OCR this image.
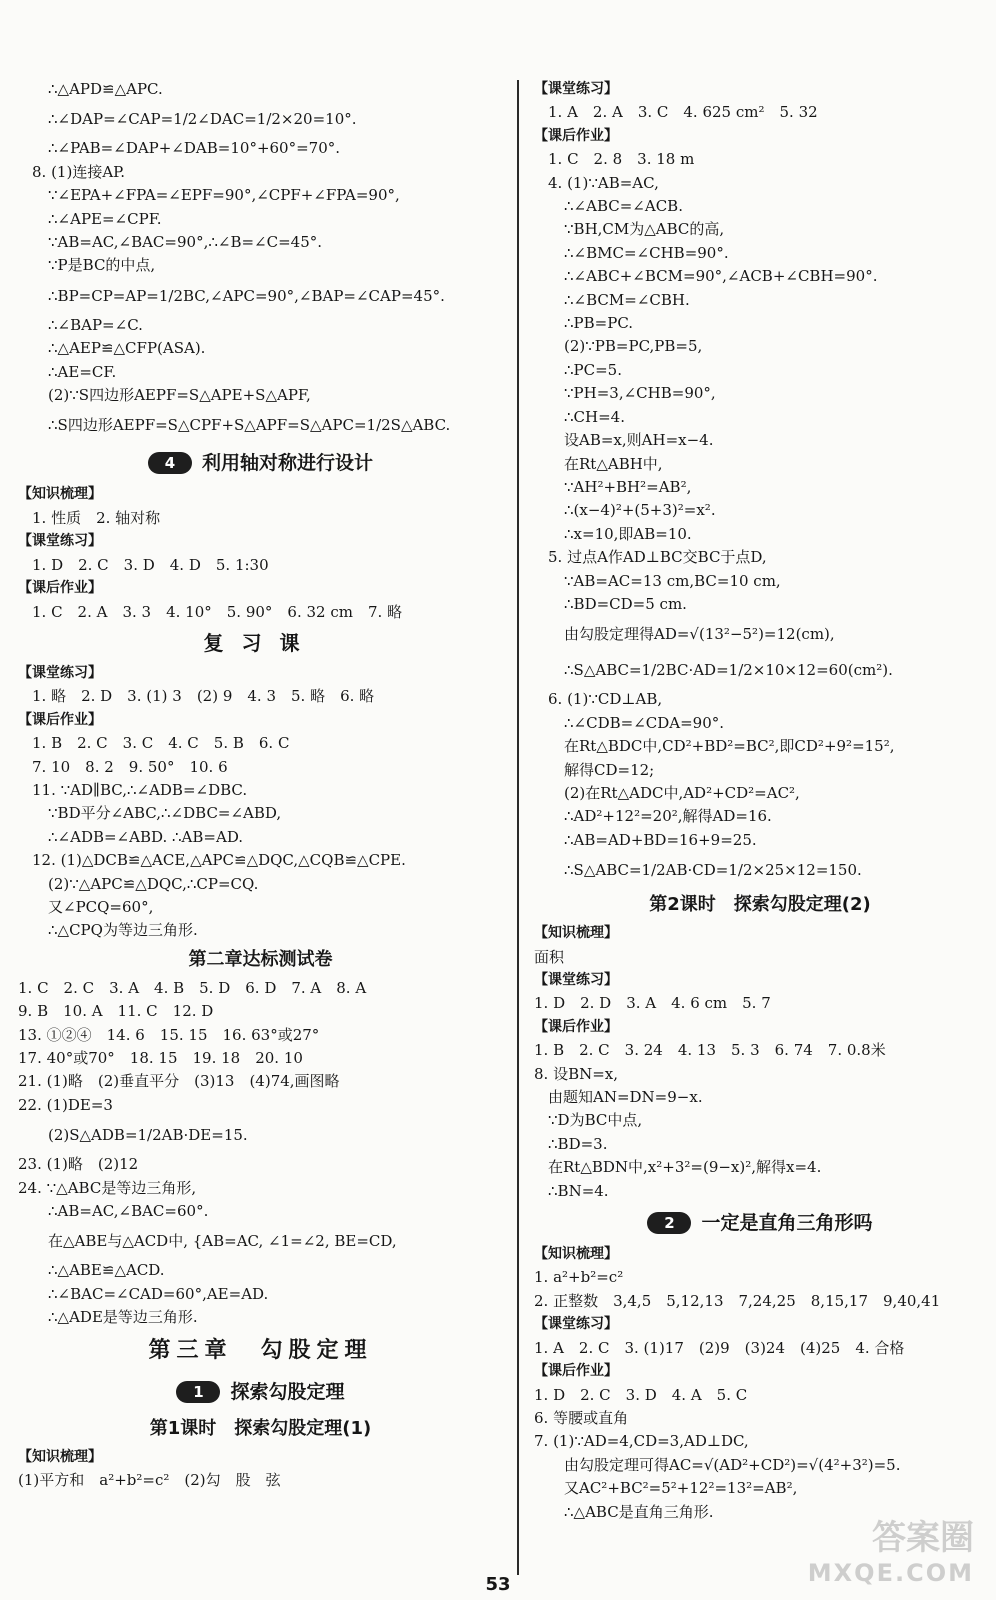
∴△APD≌△APC.
∴∠DAP=∠CAP=1/2∠DAC=1/2×20=10°.
∴∠PAB=∠DAP+∠DAB=10°+60°=70°.
8. (1)连接AP.
∵∠EPA+∠FPA=∠EPF=90°,∠CPF+∠FPA=90°,
∴∠APE=∠CPF.
∵AB=AC,∠BAC=90°,∴∠B=∠C=45°.
∵P是BC的中点,
∴BP=CP=AP=1/2BC,∠APC=90°,∠BAP=∠CAP=45°.
∴∠BAP=∠C.
∴△AEP≌△CFP(ASA).
∴AE=CF.
(2)∵S四边形AEPF=S△APE+S△APF,
∴S四边形AEPF=S△CPF+S△APF=S△APC=1/2S△ABC.
4	利用轴对称进行设计
【知识梳理】
1. 性质　2. 轴对称
【课堂练习】
1. D　2. C　3. D　4. D　5. 1:30
【课后作业】
1. C　2. A　3. 3　4. 10°　5. 90°　6. 32 cm　7. 略
复习课
【课堂练习】
1. 略　2. D　3. (1) 3　(2) 9　4. 3　5. 略　6. 略
【课后作业】
1. B　2. C　3. C　4. C　5. B　6. C
7. 10　8. 2　9. 50°　10. 6
11. ∵AD∥BC,∴∠ADB=∠DBC.
∵BD平分∠ABC,∴∠DBC=∠ABD,
∴∠ADB=∠ABD. ∴AB=AD.
12. (1)△DCB≌△ACE,△APC≌△DQC,△CQB≌△CPE.
(2)∵△APC≌△DQC,∴CP=CQ.
又∠PCQ=60°,
∴△CPQ为等边三角形.
第二章达标测试卷
1. C　2. C　3. A　4. B　5. D　6. D　7. A　8. A
9. B　10. A　11. C　12. D
13. ①②④　14. 6　15. 15　16. 63°或27°
17. 40°或70°　18. 15　19. 18　20. 10
21. (1)略　(2)垂直平分　(3)13　(4)74,画图略
22. (1)DE=3
(2)S△ADB=1/2AB·DE=15.
23. (1)略　(2)12
24. ∵△ABC是等边三角形,
∴AB=AC,∠BAC=60°.
在△ABE与△ACD中, {AB=AC, ∠1=∠2, BE=CD,
∴△ABE≌△ACD.
∴∠BAC=∠CAD=60°,AE=AD.
∴△ADE是等边三角形.
第三章　勾股定理
1	探索勾股定理
第1课时　探索勾股定理(1)
【知识梳理】
(1)平方和　a²+b²=c²　(2)勾　股　弦
【课堂练习】
1. A　2. A　3. C　4. 625 cm²　5. 32
【课后作业】
1. C　2. 8　3. 18 m
4. (1)∵AB=AC,
∴∠ABC=∠ACB.
∵BH,CM为△ABC的高,
∴∠BMC=∠CHB=90°.
∴∠ABC+∠BCM=90°,∠ACB+∠CBH=90°.
∴∠BCM=∠CBH.
∴PB=PC.
(2)∵PB=PC,PB=5,
∴PC=5.
∵PH=3,∠CHB=90°,
∴CH=4.
设AB=x,则AH=x−4.
在Rt△ABH中,
∵AH²+BH²=AB²,
∴(x−4)²+(5+3)²=x².
∴x=10,即AB=10.
5. 过点A作AD⊥BC交BC于点D,
∵AB=AC=13 cm,BC=10 cm,
∴BD=CD=5 cm.
由勾股定理得AD=√(13²−5²)=12(cm),
∴S△ABC=1/2BC·AD=1/2×10×12=60(cm²).
6. (1)∵CD⊥AB,
∴∠CDB=∠CDA=90°.
在Rt△BDC中,CD²+BD²=BC²,即CD²+9²=15²,
解得CD=12;
(2)在Rt△ADC中,AD²+CD²=AC²,
∴AD²+12²=20²,解得AD=16.
∴AB=AD+BD=16+9=25.
∴S△ABC=1/2AB·CD=1/2×25×12=150.
第2课时　探索勾股定理(2)
【知识梳理】
面积
【课堂练习】
1. D　2. D　3. A　4. 6 cm　5. 7
【课后作业】
1. B　2. C　3. 24　4. 13　5. 3　6. 74　7. 0.8米
8. 设BN=x,
由题知AN=DN=9−x.
∵D为BC中点,
∴BD=3.
在Rt△BDN中,x²+3²=(9−x)²,解得x=4.
∴BN=4.
2	一定是直角三角形吗
【知识梳理】
1. a²+b²=c²
2. 正整数　3,4,5　5,12,13　7,24,25　8,15,17　9,40,41
【课堂练习】
1. A　2. C　3. (1)17　(2)9　(3)24　(4)25　4. 合格
【课后作业】
1. D　2. C　3. D　4. A　5. C
6. 等腰或直角
7. (1)∵AD=4,CD=3,AD⊥DC,
由勾股定理可得AC=√(AD²+CD²)=√(4²+3²)=5.
又AC²+BC²=5²+12²=13²=AB²,
∴△ABC是直角三角形.
53
答案圈
MXQE.COM
